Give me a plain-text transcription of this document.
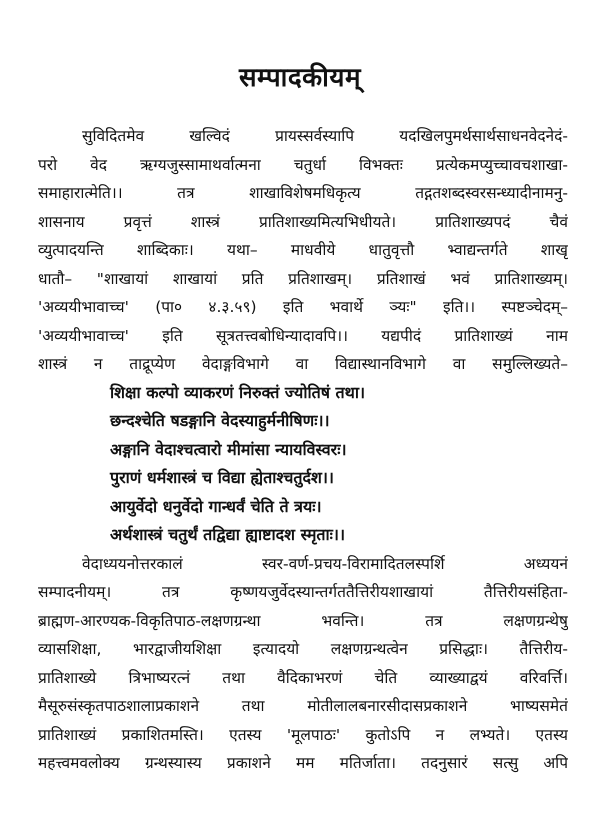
सम्पादकीयम्
सुविदितमेव खल्विदं प्रायस्सर्वस्यापि यदखिलपुमर्थसार्थसाधनवेदनेदं-
परो वेद ऋग्यजुस्सामाथर्वात्मना चतुर्धा विभक्तः प्रत्येकमप्युच्चावचशाखा-
समाहारात्मेति।। तत्र शाखाविशेषमधिकृत्य तद्गतशब्दस्वरसन्ध्यादीनामनु-
शासनाय प्रवृत्तं शास्त्रं प्रातिशाख्यमित्यभिधीयते। प्रातिशाख्यपदं चैवं
व्युत्पादयन्ति शाब्दिकाः। यथा– माधवीये धातुवृत्तौ भ्वाद्यन्तर्गते शाखृ
धातौ– "शाखायां शाखायां प्रति प्रतिशाखम्। प्रतिशाखं भवं प्रातिशाख्यम्।
'अव्ययीभावाच्च' (पा० ४.३.५९) इति भवार्थे ञ्यः" इति।। स्पष्टञ्चेदम्–
'अव्ययीभावाच्च' इति सूत्रतत्त्वबोधिन्यादावपि।। यद्यपीदं प्रातिशाख्यं नाम
शास्त्रं न ताद्रूप्येण वेदाङ्गविभागे वा विद्यास्थानविभागे वा समुल्लिख्यते–
शिक्षा कल्पो व्याकरणं निरुक्तं ज्योतिषं तथा।
छन्दश्चेति षडङ्गानि वेदस्याहुर्मनीषिणः।।
अङ्गानि वेदाश्चत्वारो मीमांसा न्यायविस्वरः।
पुराणं धर्मशास्त्रं च विद्या ह्येताश्चतुर्दश।।
आयुर्वेदो धनुर्वेदो गान्धर्वं चेति ते त्रयः।
अर्थशास्त्रं चतुर्थं तद्विद्या ह्याष्टादश स्मृताः।।
वेदाध्ययनोत्तरकालं स्वर-वर्ण-प्रचय-विरामादितलस्पर्शि अध्ययनं
सम्पादनीयम्। तत्र कृष्णयजुर्वेदस्यान्तर्गततैत्तिरीयशाखायां तैत्तिरीयसंहिता-
ब्राह्मण-आरण्यक-विकृतिपाठ-लक्षणग्रन्था भवन्ति। तत्र लक्षणग्रन्थेषु
व्यासशिक्षा, भारद्वाजीयशिक्षा इत्यादयो लक्षणग्रन्थत्वेन प्रसिद्धाः। तैत्तिरीय-
प्रातिशाख्ये त्रिभाष्यरत्नं तथा वैदिकाभरणं चेति व्याख्याद्वयं वरिवर्त्ति।
मैसूरुसंस्कृतपाठशालाप्रकाशने तथा मोतीलालबनारसीदासप्रकाशने भाष्यसमेतं
प्रातिशाख्यं प्रकाशितमस्ति। एतस्य 'मूलपाठः' कुतोऽपि न लभ्यते। एतस्य
महत्त्वमवलोक्य ग्रन्थस्यास्य प्रकाशने मम मतिर्जाता। तदनुसारं सत्सु अपि
